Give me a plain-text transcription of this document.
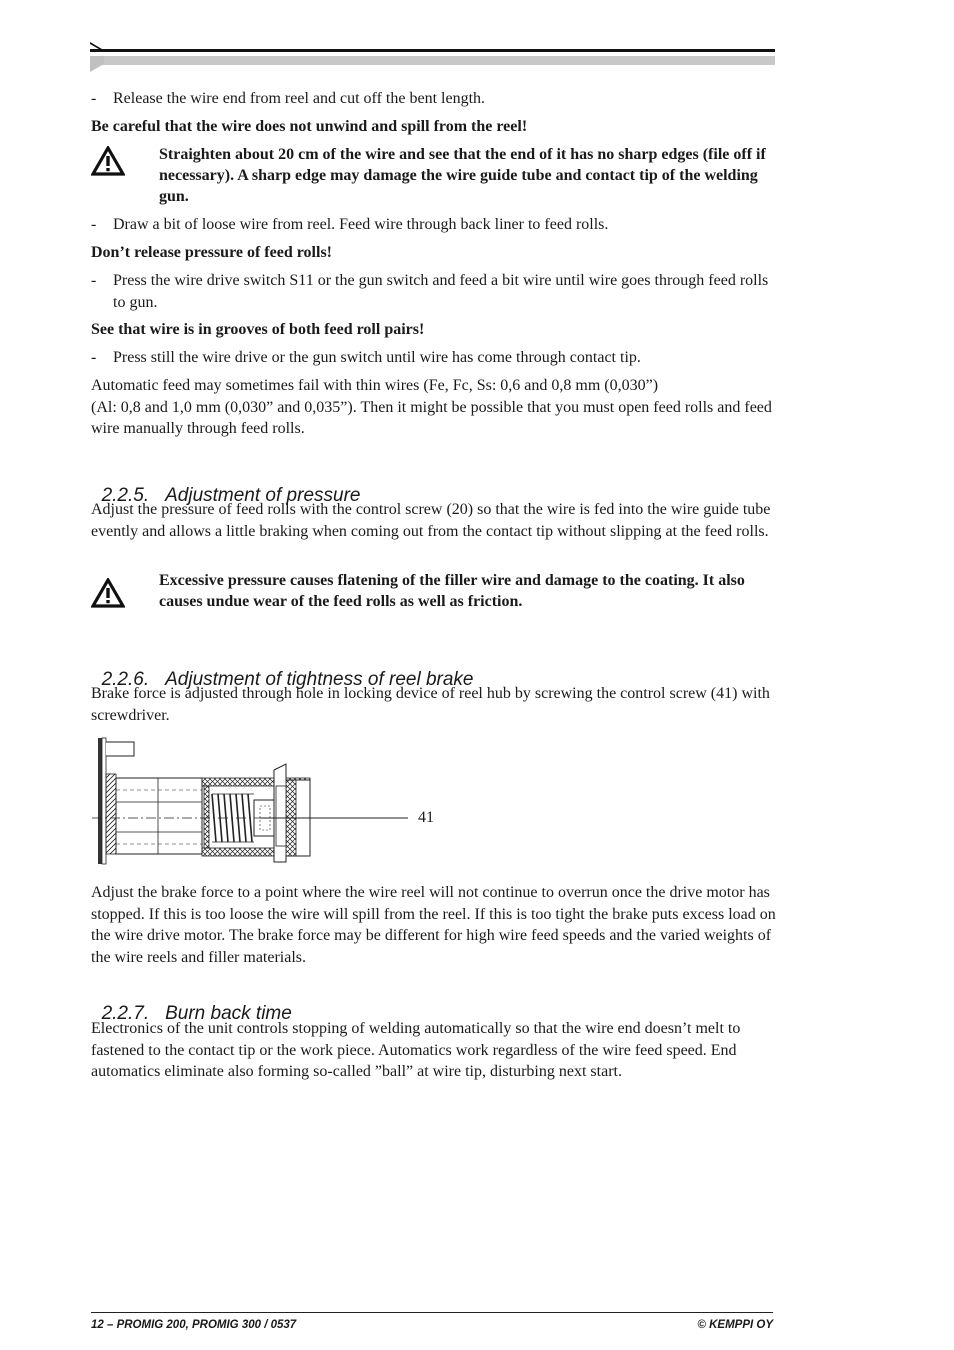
- Release the wire end from reel and cut off the bent length.
Be careful that the wire does not unwind and spill from the reel!
Straighten about 20 cm of the wire and see that the end of it has no sharp edges (file off if necessary). A sharp edge may damage the wire guide tube and contact tip of the welding gun.
- Draw a bit of loose wire from reel. Feed wire through back liner to feed rolls.
Don’t release pressure of feed rolls!
- Press the wire drive switch S11 or the gun switch and feed a bit wire until wire goes through feed rolls to gun.
See that wire is in grooves of both feed roll pairs!
- Press still the wire drive or the gun switch until wire has come through contact tip.
Automatic feed may sometimes fail with thin wires (Fe, Fc, Ss: 0,6 and 0,8 mm (0,030”)
(Al: 0,8 and 1,0 mm (0,030” and 0,035”). Then it might be possible that you must open feed rolls and feed wire manually through feed rolls.

2.2.5. Adjustment of pressure

Adjust the pressure of feed rolls with the control screw (20) so that the wire is fed into the wire guide tube evently and allows a little braking when coming out from the contact tip without slipping at the feed rolls.
Excessive pressure causes flatening of the filler wire and damage to the coating. It also causes undue wear of the feed rolls as well as friction.

2.2.6. Adjustment of tightness of reel brake

Brake force is adjusted through hole in locking device of reel hub by screwing the control screw (41) with screwdriver.
41
Adjust the brake force to a point where the wire reel will not continue to overrun once the drive motor has stopped. If this is too loose the wire will spill from the reel. If this is too tight the brake puts excess load on the wire drive motor. The brake force may be different for high wire feed speeds and the varied weights of the wire reels and filler materials.

2.2.7. Burn back time

Electronics of the unit controls stopping of welding automatically so that the wire end doesn’t melt to fastened to the contact tip or the work piece. Automatics work regardless of the wire feed speed. End automatics eliminate also forming so-called ”ball” at wire tip, disturbing next start.
12 – PROMIG 200, PROMIG 300 / 0537	© KEMPPI OY
